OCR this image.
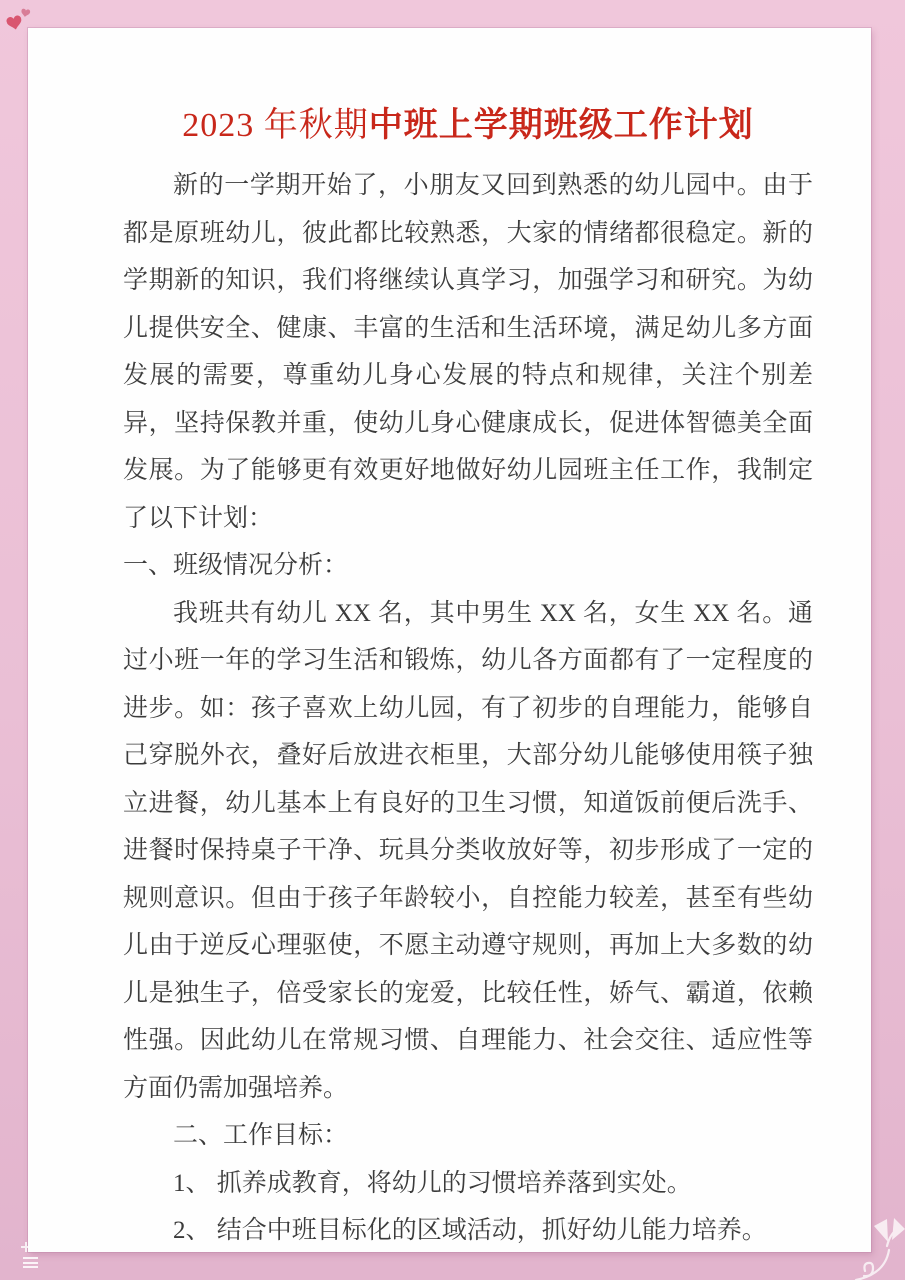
2023 年秋期中班上学期班级工作计划

新的一学期开始了，小朋友又回到熟悉的幼儿园中。由于都是原班幼儿，彼此都比较熟悉，大家的情绪都很稳定。新的学期新的知识，我们将继续认真学习，加强学习和研究。为幼儿提供安全、健康、丰富的生活和生活环境，满足幼儿多方面发展的需要，尊重幼儿身心发展的特点和规律，关注个别差异，坚持保教并重，使幼儿身心健康成长，促进体智德美全面发展。为了能够更有效更好地做好幼儿园班主任工作，我制定了以下计划：

一、班级情况分析：

我班共有幼儿 XX 名，其中男生 XX 名，女生 XX 名。通过小班一年的学习生活和锻炼，幼儿各方面都有了一定程度的进步。如：孩子喜欢上幼儿园，有了初步的自理能力，能够自己穿脱外衣，叠好后放进衣柜里，大部分幼儿能够使用筷子独立进餐，幼儿基本上有良好的卫生习惯，知道饭前便后洗手、进餐时保持桌子干净、玩具分类收放好等，初步形成了一定的规则意识。但由于孩子年龄较小，自控能力较差，甚至有些幼儿由于逆反心理驱使，不愿主动遵守规则，再加上大多数的幼儿是独生子，倍受家长的宠爱，比较任性，娇气、霸道，依赖性强。因此幼儿在常规习惯、自理能力、社会交往、适应性等方面仍需加强培养。

二、工作目标：

1、 抓养成教育，将幼儿的习惯培养落到实处。

2、 结合中班目标化的区域活动，抓好幼儿能力培养。
